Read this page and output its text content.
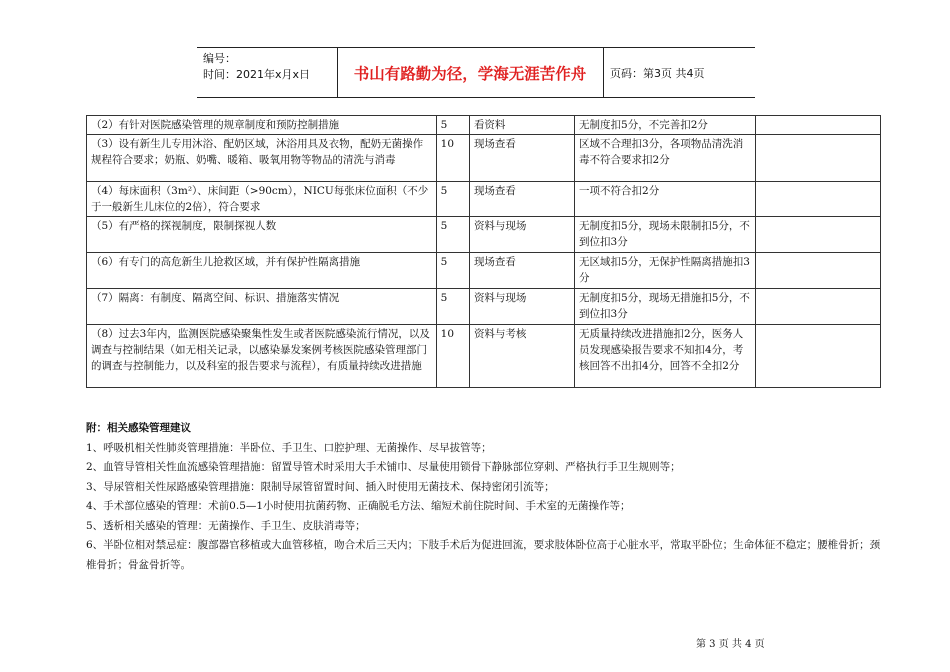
编号：
时间：2021年x月x日	书山有路勤为径，学海无涯苦作舟	页码：第3页 共4页
（2）有针对医院感染管理的规章制度和预防控制措施	5	看资料	无制度扣5分，不完善扣2分	
（3）设有新生儿专用沐浴、配奶区域，沐浴用具及衣物，配奶无菌操作规程符合要求；奶瓶、奶嘴、暖箱、吸氧用物等物品的清洗与消毒	10	现场查看	区域不合理扣3分，各项物品清洗消毒不符合要求扣2分	
（4）每床面积（3m²）、床间距（>90cm），NICU每张床位面积（不少于一般新生儿床位的2倍），符合要求	5	现场查看	一项不符合扣2分	
（5）有严格的探视制度，限制探视人数	5	资料与现场	无制度扣5分，现场未限制扣5分，不到位扣3分	
（6）有专门的高危新生儿抢救区域，并有保护性隔离措施	5	现场查看	无区域扣5分，无保护性隔离措施扣3分	
（7）隔离：有制度、隔离空间、标识、措施落实情况	5	资料与现场	无制度扣5分，现场无措施扣5分，不到位扣3分	
（8）过去3年内，监测医院感染聚集性发生或者医院感染流行情况，以及调查与控制结果（如无相关记录，以感染暴发案例考核医院感染管理部门的调查与控制能力，以及科室的报告要求与流程），有质量持续改进措施	10	资料与考核	无质量持续改进措施扣2分，医务人员发现感染报告要求不知扣4分，考核回答不出扣4分，回答不全扣2分	
附：相关感染管理建议
1、呼吸机相关性肺炎管理措施：半卧位、手卫生、口腔护理、无菌操作、尽早拔管等；
2、血管导管相关性血流感染管理措施：留置导管术时采用大手术铺巾、尽量使用锁骨下静脉部位穿刺、严格执行手卫生规则等；
3、导尿管相关性尿路感染管理措施：限制导尿管留置时间、插入时使用无菌技术、保持密闭引流等；
4、手术部位感染的管理：术前0.5—1小时使用抗菌药物、正确脱毛方法、缩短术前住院时间、手术室的无菌操作等；
5、透析相关感染的管理：无菌操作、手卫生、皮肤消毒等；
6、半卧位相对禁忌症：腹部器官移植或大血管移植，吻合术后三天内；下肢手术后为促进回流，要求肢体卧位高于心脏水平，常取平卧位；生命体征不稳定；腰椎骨折；颈椎骨折；骨盆骨折等。
第 3 页 共 4 页
